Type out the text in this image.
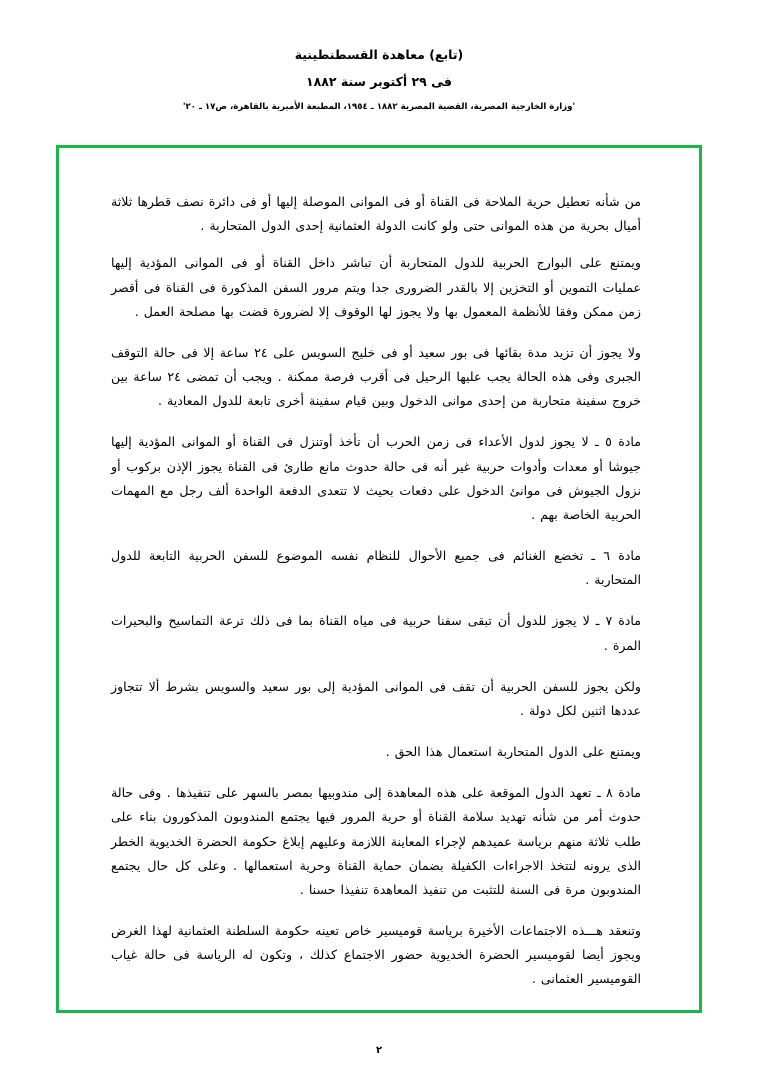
(تابع) معاهدة القسطنطينية
فى ٢٩ أكتوبر سنة ١٨٨٢
'وزارة الخارجية المصرية، القضية المصرية ١٨٨٢ ـ ١٩٥٤، المطبعة الأميرية بالقاهرة، ص١٧ ـ ٢٠'

من شأنه تعطيل حرية الملاحة فى القناة أو فى الموانى الموصلة إليها أو فى دائرة نصف قطرها ثلاثة أميال بحرية من هذه الموانى حتى ولو كانت الدولة العثمانية إحدى الدول المتحاربة .

ويمتنع على البوارج الحربية للدول المتحاربة أن تباشر داخل القناة أو فى الموانى المؤدية إليها عمليات التموين أو التخزين إلا بالقدر الضرورى جدا ويتم مرور السفن المذكورة فى القناة فى أقصر زمن ممكن وفقا للأنظمة المعمول بها ولا يجوز لها الوقوف إلا لضرورة قضت بها مصلحة العمل .

ولا يجوز أن تزيد مدة بقائها فى بور سعيد أو فى خليج السويس على ٢٤ ساعة إلا فى حالة التوقف الجبرى وفى هذه الحالة يجب عليها الرحيل فى أقرب فرصة ممكنة . ويجب أن تمضى ٢٤ ساعة بين خروج سفينة متحاربة من إحدى موانى الدخول وبين قيام سفينة أخرى تابعة للدول المعادية .

مادة ٥ ـ لا يجوز لدول الأعداء فى زمن الحرب أن تأخذ أوتنزل فى القناة أو الموانى المؤدية إليها جيوشا أو معدات وأدوات حربية غير أنه فى حالة حدوث مانع طارئ فى القناة يجوز الإذن بركوب أو نزول الجيوش فى موانئ الدخول على دفعات بحيث لا تتعدى الدفعة الواحدة ألف رجل مع المهمات الحربية الخاصة بهم .

مادة ٦ ـ تخضع الغنائم فى جميع الأحوال للنظام نفسه الموضوع للسفن الحربية التابعة للدول المتحاربة .

مادة ٧ ـ لا يجوز للدول أن تبقى سفنا حربية فى مياه القناة بما فى ذلك ترعة التماسيح والبحيرات المرة .

ولكن يجوز للسفن الحربية أن تقف فى الموانى المؤدية إلى بور سعيد والسويس بشرط ألا تتجاوز عددها اثنين لكل دولة .

ويمتنع على الدول المتحاربة استعمال هذا الحق .

مادة ٨ ـ تعهد الدول الموقعة على هذه المعاهدة إلى مندوبيها بمصر بالسهر على تنفيذها . وفى حالة حدوث أمر من شأنه تهديد سلامة القناة أو حرية المرور فيها يجتمع المندوبون المذكورون بناء على طلب ثلاثة منهم برياسة عميدهم لإجراء المعاينة اللازمة وعليهم إبلاغ حكومة الحضرة الخديوية الخطر الذى يرونه لتتخذ الاجراءات الكفيلة بضمان حماية القناة وحرية استعمالها . وعلى كل حال يجتمع المندوبون مرة فى السنة للتثبت من تنفيذ المعاهدة تنفيذا حسنا .

وتنعقد هـــذه الاجتماعات الأخيرة برياسة قوميسير خاص تعينه حكومة السلطنة العثمانية لهذا الغرض ويجوز أيضا لقوميسير الحضرة الخديوية حضور الاجتماع كذلك ، وتكون له الرياسة فى حالة غياب القوميسير العثمانى .

٢
